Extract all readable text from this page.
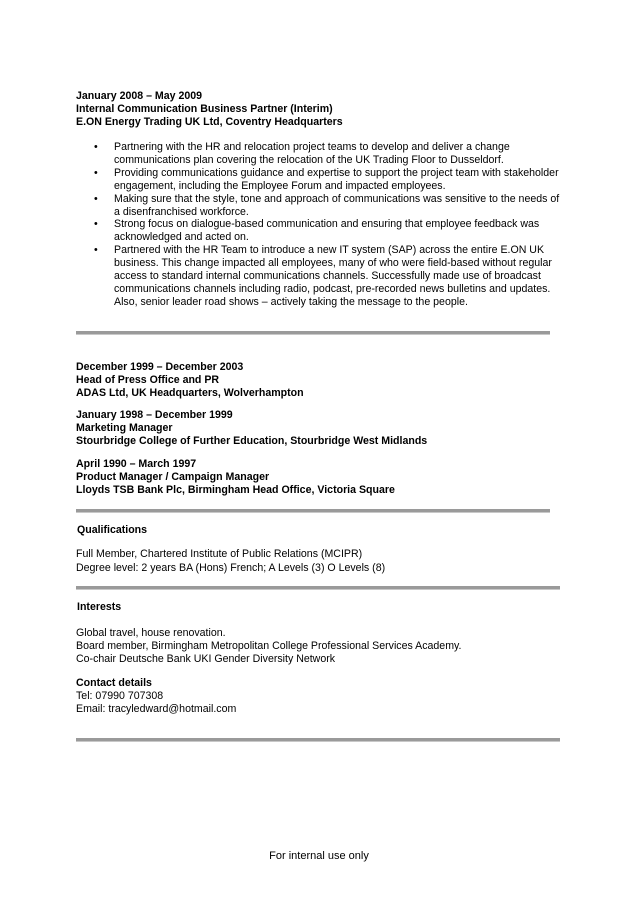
January 2008 – May 2009
Internal Communication Business Partner (Interim)
E.ON Energy Trading UK Ltd, Coventry Headquarters
• Partnering with the HR and relocation project teams to develop and deliver a change communications plan covering the relocation of the UK Trading Floor to Dusseldorf.
• Providing communications guidance and expertise to support the project team with stakeholder engagement, including the Employee Forum and impacted employees.
• Making sure that the style, tone and approach of communications was sensitive to the needs of a disenfranchised workforce.
• Strong focus on dialogue-based communication and ensuring that employee feedback was acknowledged and acted on.
• Partnered with the HR Team to introduce a new IT system (SAP) across the entire E.ON UK business. This change impacted all employees, many of who were field-based without regular access to standard internal communications channels. Successfully made use of broadcast communications channels including radio, podcast, pre-recorded news bulletins and updates. Also, senior leader road shows – actively taking the message to the people.
December 1999 – December 2003
Head of Press Office and PR
ADAS Ltd, UK Headquarters, Wolverhampton
January 1998 – December 1999
Marketing Manager
Stourbridge College of Further Education, Stourbridge West Midlands
April 1990 – March 1997
Product Manager / Campaign Manager
Lloyds TSB Bank Plc, Birmingham Head Office, Victoria Square
Qualifications
Full Member, Chartered Institute of Public Relations (MCIPR)
Degree level: 2 years BA (Hons) French; A Levels (3) O Levels (8)
Interests
Global travel, house renovation.
Board member, Birmingham Metropolitan College Professional Services Academy.
Co-chair Deutsche Bank UKI Gender Diversity Network
Contact details
Tel: 07990 707308
Email: tracyledward@hotmail.com
For internal use only
